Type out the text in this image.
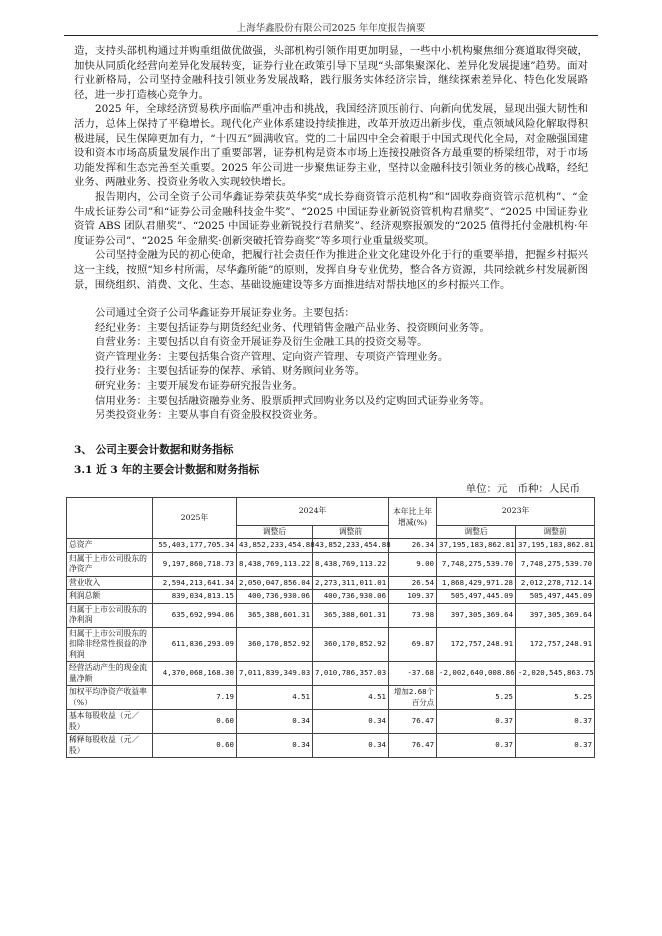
上海华鑫股份有限公司2025 年年度报告摘要

造，支持头部机构通过并购重组做优做强，头部机构引领作用更加明显，一些中小机构聚焦细分赛道取得突破，加快从同质化经营向差异化发展转变，证券行业在政策引导下呈现“头部集聚深化、差异化发展提速”趋势。面对行业新格局，公司坚持金融科技引领业务发展战略，践行服务实体经济宗旨，继续探索差异化、特色化发展路径，进一步打造核心竞争力。

2025 年，全球经济贸易秩序面临严重冲击和挑战，我国经济顶压前行、向新向优发展，显现出强大韧性和活力，总体上保持了平稳增长。现代化产业体系建设持续推进，改革开放迈出新步伐，重点领域风险化解取得积极进展，民生保障更加有力，“十四五”圆满收官。党的二十届四中全会着眼于中国式现代化全局，对金融强国建设和资本市场高质量发展作出了重要部署，证券机构是资本市场上连接投融资各方最重要的桥梁纽带，对于市场功能发挥和生态完善至关重要。2025 年公司进一步聚焦证券主业，坚持以金融科技引领业务的核心战略，经纪业务、两融业务、投资业务收入实现较快增长。

报告期内，公司全资子公司华鑫证券荣获英华奖“成长券商资管示范机构”和“固收券商资管示范机构”、“金牛成长证券公司”和“证券公司金融科技金牛奖”、“2025 中国证券业新锐资管机构君鼎奖”、“2025 中国证券业资管 ABS 团队君鼎奖”、“2025 中国证券业新锐投行君鼎奖”、经济观察报颁发的“2025 值得托付金融机构·年度证券公司”、“2025 年金鼎奖·创新突破托管券商奖”等多项行业重量级奖项。

公司坚持金融为民的初心使命，把履行社会责任作为推进企业文化建设外化于行的重要举措，把握乡村振兴这一主线，按照“知乡村所需，尽华鑫所能”的原则，发挥自身专业优势，整合各方资源，共同绘就乡村发展新图景，围绕组织、消费、文化、生态、基础设施建设等多方面推进结对帮扶地区的乡村振兴工作。

公司通过全资子公司华鑫证券开展证券业务。主要包括：

经纪业务：主要包括证券与期货经纪业务、代理销售金融产品业务、投资顾问业务等。

自营业务：主要包括以自有资金开展证券及衍生金融工具的投资交易等。

资产管理业务：主要包括集合资产管理、定向资产管理、专项资产管理业务。

投行业务：主要包括证券的保荐、承销、财务顾问业务等。

研究业务：主要开展发布证券研究报告业务。

信用业务：主要包括融资融券业务、股票质押式回购业务以及约定购回式证券业务等。

另类投资业务：主要从事自有资金股权投资业务。

3、 公司主要会计数据和财务指标

3.1 近 3 年的主要会计数据和财务指标

单位：元　币种：人民币

	2025年	2024年		本年比上年增减(%)	2023年	
		调整后	调整前		调整后	调整前
总资产	55,403,177,705.34	43,852,233,454.88	43,852,233,454.88	26.34	37,195,183,862.81	37,195,183,862.81
归属于上市公司股东的净资产	9,197,860,718.73	8,438,769,113.22	8,438,769,113.22	9.00	7,748,275,539.70	7,748,275,539.70
营业收入	2,594,213,641.34	2,050,047,856.04	2,273,311,011.01	26.54	1,868,429,971.28	2,012,278,712.14
利润总额	839,034,813.15	400,736,930.06	400,736,930.06	109.37	505,497,445.09	505,497,445.09
归属于上市公司股东的净利润	635,692,994.06	365,388,601.31	365,388,601.31	73.98	397,305,369.64	397,305,369.64
归属于上市公司股东的扣除非经常性损益的净利润	611,836,293.09	360,170,852.92	360,170,852.92	69.87	172,757,248.91	172,757,248.91
经营活动产生的现金流量净额	4,370,068,168.30	7,011,839,349.03	7,010,786,357.03	-37.68	-2,002,640,008.86	-2,020,545,863.75
加权平均净资产收益率（%）	7.19	4.51	4.51	增加2.68个百分点	5.25	5.25
基本每股收益（元／股）	0.60	0.34	0.34	76.47	0.37	0.37
稀释每股收益（元／股）	0.60	0.34	0.34	76.47	0.37	0.37
